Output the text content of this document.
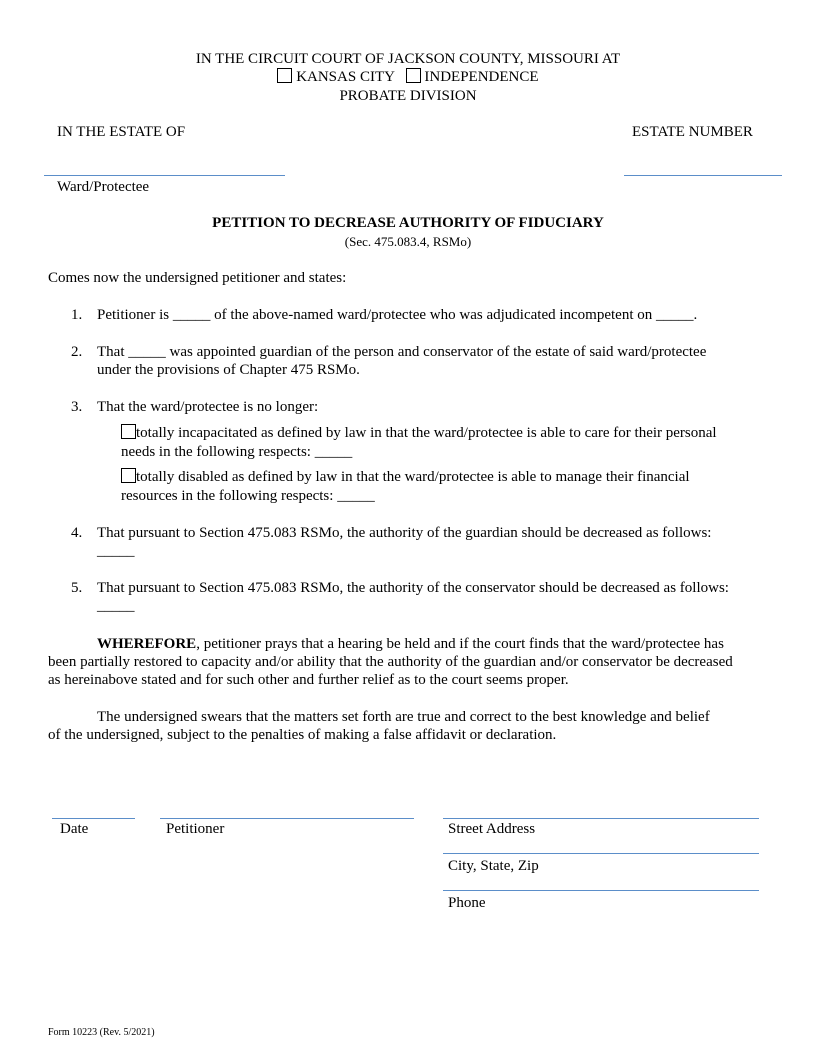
IN THE CIRCUIT COURT OF JACKSON COUNTY, MISSOURI AT
KANSAS CITY INDEPENDENCE
PROBATE DIVISION
IN THE ESTATE OF	ESTATE NUMBER
Ward/Protectee
PETITION TO DECREASE AUTHORITY OF FIDUCIARY
(Sec. 475.083.4, RSMo)
Comes now the undersigned petitioner and states:
1. Petitioner is _____ of the above-named ward/protectee who was adjudicated incompetent on _____.
2. That _____ was appointed guardian of the person and conservator of the estate of said ward/protectee
under the provisions of Chapter 475 RSMo.
3. That the ward/protectee is no longer:
totally incapacitated as defined by law in that the ward/protectee is able to care for their personal
needs in the following respects: _____
totally disabled as defined by law in that the ward/protectee is able to manage their financial
resources in the following respects: _____
4. That pursuant to Section 475.083 RSMo, the authority of the guardian should be decreased as follows:
_____
5. That pursuant to Section 475.083 RSMo, the authority of the conservator should be decreased as follows:
_____
WHEREFORE, petitioner prays that a hearing be held and if the court finds that the ward/protectee has
been partially restored to capacity and/or ability that the authority of the guardian and/or conservator be decreased
as hereinabove stated and for such other and further relief as to the court seems proper.
The undersigned swears that the matters set forth are true and correct to the best knowledge and belief
of the undersigned, subject to the penalties of making a false affidavit or declaration.
Date	Petitioner	Street Address
City, State, Zip
Phone
Form 10223 (Rev. 5/2021)
